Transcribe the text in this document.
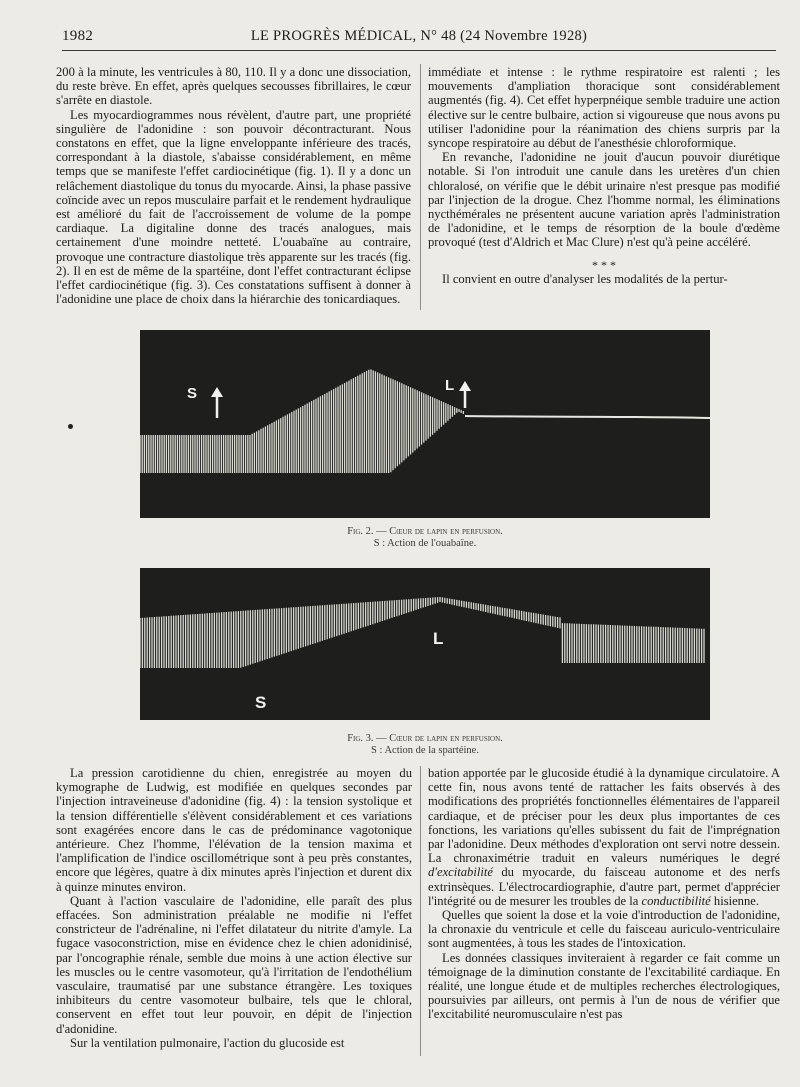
1982	LE PROGRÈS MÉDICAL, N° 48 (24 Novembre 1928)

200 à la minute, les ventricules à 80, 110. Il y a donc une dissociation, du reste brève. En effet, après quelques secousses fibrillaires, le cœur s'arrête en diastole.

Les myocardiogrammes nous révèlent, d'autre part, une propriété singulière de l'adonidine : son pouvoir décontracturant. Nous constatons en effet, que la ligne enveloppante inférieure des tracés, correspondant à la diastole, s'abaisse considérablement, en même temps que se manifeste l'effet cardiocinétique (fig. 1). Il y a donc un relâchement diastolique du tonus du myocarde. Ainsi, la phase passive coïncide avec un repos musculaire parfait et le rendement hydraulique est amélioré du fait de l'accroissement de volume de la pompe cardiaque. La digitaline donne des tracés analogues, mais certainement d'une moindre netteté. L'ouabaïne au contraire, provoque une contracture diastolique très apparente sur les tracés (fig. 2). Il en est de même de la spartéine, dont l'effet contracturant éclipse l'effet cardiocinétique (fig. 3). Ces constatations suffisent à donner à l'adonidine une place de choix dans la hiérarchie des tonicardiaques.

immédiate et intense : le rythme respiratoire est ralenti ; les mouvements d'ampliation thoracique sont considérablement augmentés (fig. 4). Cet effet hyperpnéique semble traduire une action élective sur le centre bulbaire, action si vigoureuse que nous avons pu utiliser l'adonidine pour la réanimation des chiens surpris par la syncope respiratoire au début de l'anesthésie chloroformique.

En revanche, l'adonidine ne jouit d'aucun pouvoir diurétique notable. Si l'on introduit une canule dans les uretères d'un chien chloralosé, on vérifie que le débit urinaire n'est presque pas modifié par l'injection de la drogue. Chez l'homme normal, les éliminations nycthémérales ne présentent aucune variation après l'administration de l'adonidine, et le temps de résorption de la boule d'œdème provoqué (test d'Aldrich et Mac Clure) n'est qu'à peine accéléré.

* * *

Il convient en outre d'analyser les modalités de la pertur-

S	L
Fig. 2. — Cœur de lapin en perfusion.
S : Action de l'ouabaïne.
L
S
Fig. 3. — Cœur de lapin en perfusion.
S : Action de la spartéine.

La pression carotidienne du chien, enregistrée au moyen du kymographe de Ludwig, est modifiée en quelques secondes par l'injection intraveineuse d'adonidine (fig. 4) : la tension systolique et la tension différentielle s'élèvent considérablement et ces variations sont exagérées encore dans le cas de prédominance vagotonique antérieure. Chez l'homme, l'élévation de la tension maxima et l'amplification de l'indice oscillométrique sont à peu près constantes, encore que légères, quatre à dix minutes après l'injection et durent dix à quinze minutes environ.

Quant à l'action vasculaire de l'adonidine, elle paraît des plus effacées. Son administration préalable ne modifie ni l'effet constricteur de l'adrénaline, ni l'effet dilatateur du nitrite d'amyle. La fugace vasoconstriction, mise en évidence chez le chien adonidinisé, par l'oncographie rénale, semble due moins à une action élective sur les muscles ou le centre vasomoteur, qu'à l'irritation de l'endothélium vasculaire, traumatisé par une substance étrangère. Les toxiques inhibiteurs du centre vasomoteur bulbaire, tels que le chloral, conservent en effet tout leur pouvoir, en dépit de l'injection d'adonidine.

Sur la ventilation pulmonaire, l'action du glucoside est

bation apportée par le glucoside étudié à la dynamique circulatoire. A cette fin, nous avons tenté de rattacher les faits observés à des modifications des propriétés fonctionnelles élémentaires de l'appareil cardiaque, et de préciser pour les deux plus importantes de ces fonctions, les variations qu'elles subissent du fait de l'imprégnation par l'adonidine. Deux méthodes d'exploration ont servi notre dessein. La chronaximétrie traduit en valeurs numériques le degré d'excitabilité du myocarde, du faisceau autonome et des nerfs extrinsèques. L'électrocardiographie, d'autre part, permet d'apprécier l'intégrité ou de mesurer les troubles de la conductibilité hisienne.

Quelles que soient la dose et la voie d'introduction de l'adonidine, la chronaxie du ventricule et celle du faisceau auriculo-ventriculaire sont augmentées, à tous les stades de l'intoxication.

Les données classiques inviteraient à regarder ce fait comme un témoignage de la diminution constante de l'excitabilité cardiaque. En réalité, une longue étude et de multiples recherches électrologiques, poursuivies par ailleurs, ont permis à l'un de nous de vérifier que l'excitabilité neuromusculaire n'est pas
